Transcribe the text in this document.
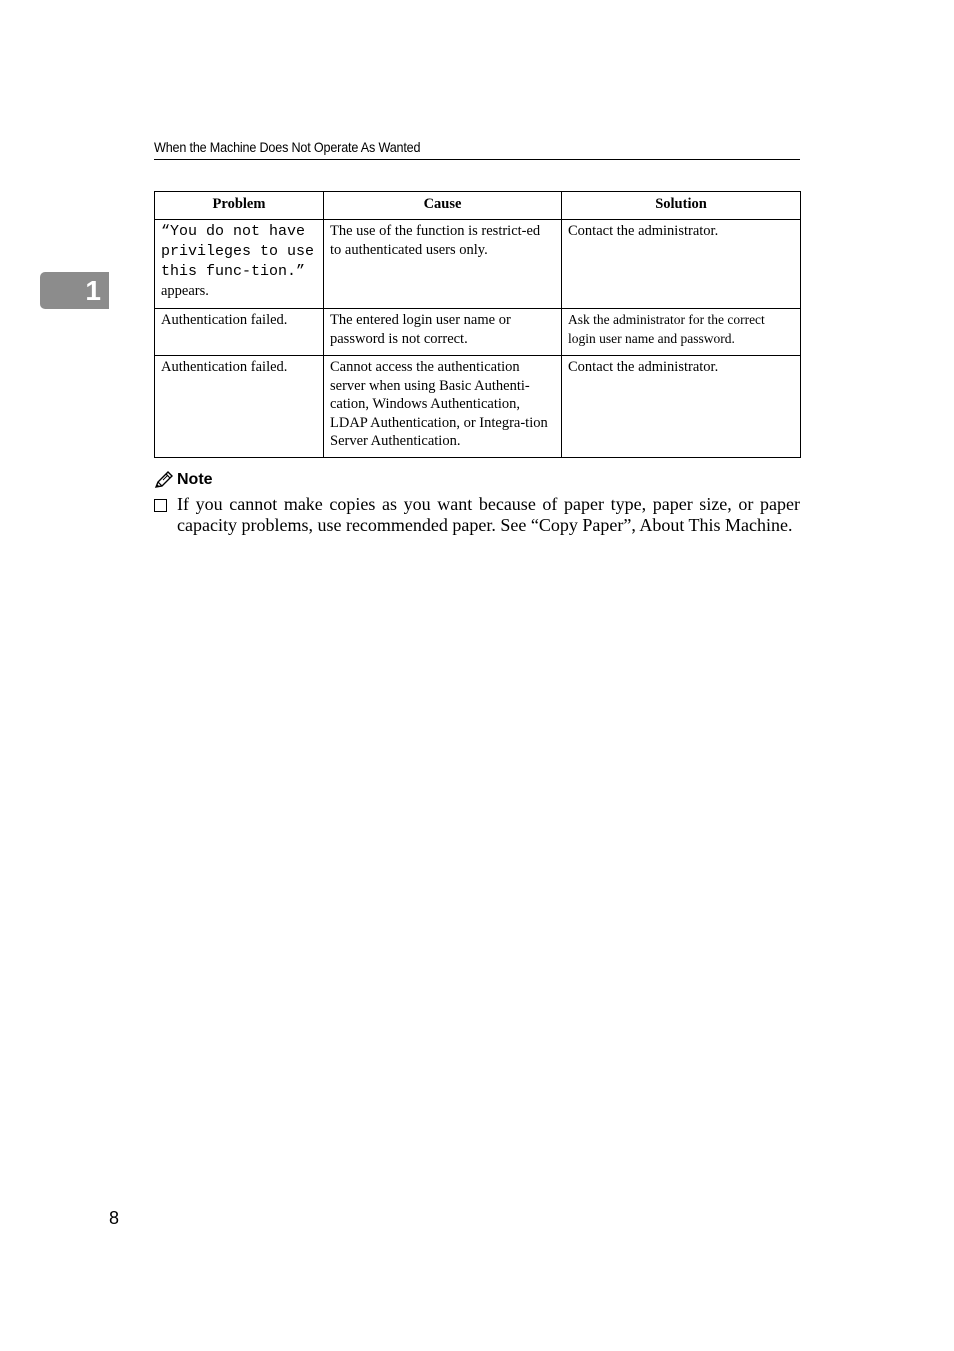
When the Machine Does Not Operate As Wanted
1
Problem	Cause	Solution
“You do not have privileges to use this func-tion.” appears.	The use of the function is restrict-ed to authenticated users only.	Contact the administrator.
Authentication failed.	The entered login user name or password is not correct.	Ask the administrator for the correct login user name and password.
Authentication failed.	Cannot access the authentication server when using Basic Authenti-cation, Windows Authentication, LDAP Authentication, or Integra-tion Server Authentication.	Contact the administrator.
Note
If you cannot make copies as you want because of paper type, paper size, or paper capacity problems, use recommended paper. See “Copy Paper”, About This Machine.
8
